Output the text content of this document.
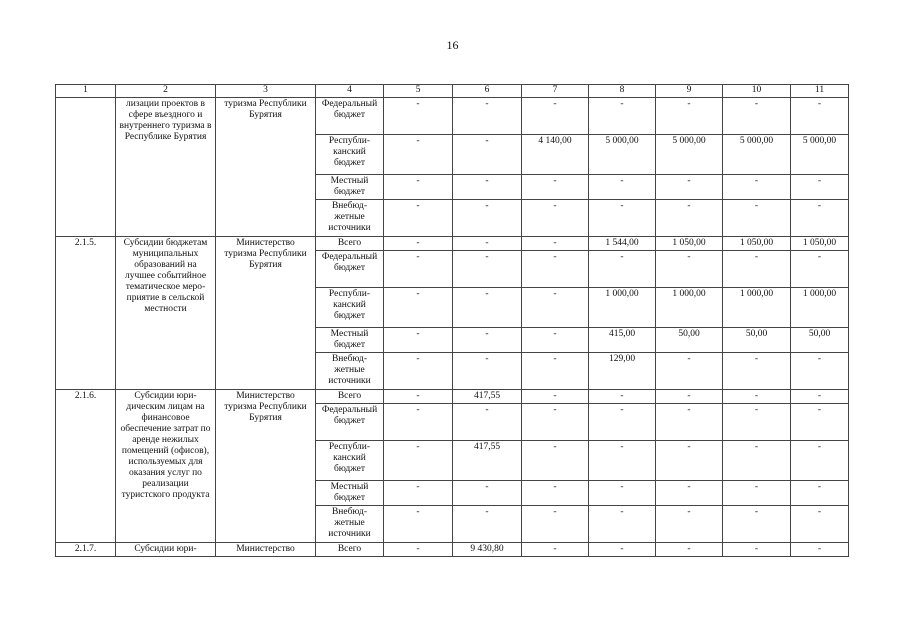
16
1	2	3	4	5	6	7	8	9	10	11
	лизации проектов в сфере въездного и внутреннего туризма в Республике Бурятия	туризма Республики Бурятия	Федеральный бюджет	-	-	-	-	-	-	-
			Республиканский бюджет	-	-	4 140,00	5 000,00	5 000,00	5 000,00	5 000,00
			Местный бюджет	-	-	-	-	-	-	-
			Внебюджетные источники	-	-	-	-	-	-	-
2.1.5.	Субсидии бюджетам муниципальных образований на лучшее событийное тематическое мероприятие в сельской местности	Министерство туризма Республики Бурятия	Всего	-	-	-	1 544,00	1 050,00	1 050,00	1 050,00
			Федеральный бюджет	-	-	-	-	-	-	-
			Республиканский бюджет	-	-	-	1 000,00	1 000,00	1 000,00	1 000,00
			Местный бюджет	-	-	-	415,00	50,00	50,00	50,00
			Внебюджетные источники	-	-	-	129,00	-	-	-
2.1.6.	Субсидии юридическим лицам на финансовое обеспечение затрат по аренде нежилых помещений (офисов), используемых для оказания услуг по реализации туристского продукта	Министерство туризма Республики Бурятия	Всего	-	417,55	-	-	-	-	-
			Федеральный бюджет	-	-	-	-	-	-	-
			Республиканский бюджет	-	417,55	-	-	-	-	-
			Местный бюджет	-	-	-	-	-	-	-
			Внебюджетные источники	-	-	-	-	-	-	-
2.1.7.	Субсидии юри-	Министерство	Всего	-	9 430,80	-	-	-	-	-
